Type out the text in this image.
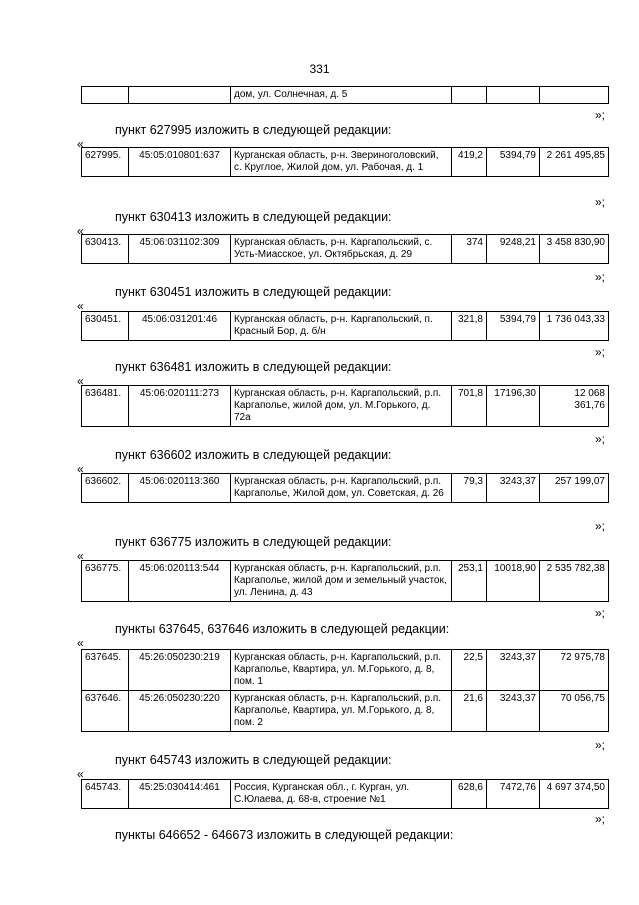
331
		дом, ул. Солнечная, д. 5			
»;
пункт 627995 изложить в следующей редакции:
«
627995.	45:05:010801:637	Курганская область, р-н. Звериноголовский, с. Круглое, Жилой дом, ул. Рабочая, д. 1	419,2	5394,79	2 261 495,85
»;
пункт 630413 изложить в следующей редакции:
«
630413.	45:06:031102:309	Курганская область, р-н. Каргапольский, с. Усть-Миасское, ул. Октябрьская, д. 29	374	9248,21	3 458 830,90
»;
пункт 630451 изложить в следующей редакции:
«
630451.	45:06:031201:46	Курганская область, р-н. Каргапольский, п. Красный Бор, д. б/н	321,8	5394,79	1 736 043,33
»;
пункт 636481 изложить в следующей редакции:
«
636481.	45:06:020111:273	Курганская область, р-н. Каргапольский, р.п. Каргаполье, жилой дом, ул. М.Горького, д. 72а	701,8	17196,30	12 068 361,76
»;
пункт 636602 изложить в следующей редакции:
«
636602.	45:06:020113:360	Курганская область, р-н. Каргапольский, р.п. Каргаполье, Жилой дом, ул. Советская, д. 26	79,3	3243,37	257 199,07
»;
пункт 636775 изложить в следующей редакции:
«
636775.	45:06:020113:544	Курганская область, р-н. Каргапольский, р.п. Каргаполье, жилой дом и земельный участок, ул. Ленина, д. 43	253,1	10018,90	2 535 782,38
»;
пункты 637645, 637646 изложить в следующей редакции:
«
637645.	45:26:050230:219	Курганская область, р-н. Каргапольский, р.п. Каргаполье, Квартира, ул. М.Горького, д. 8, пом. 1	22,5	3243,37	72 975,78
637646.	45:26:050230:220	Курганская область, р-н. Каргапольский, р.п. Каргаполье, Квартира, ул. М.Горького, д. 8, пом. 2	21,6	3243,37	70 056,75
»;
пункт 645743 изложить в следующей редакции:
«
645743.	45:25:030414:461	Россия, Курганская обл., г. Курган, ул. С.Юлаева, д. 68-в, строение №1	628,6	7472,76	4 697 374,50
»;
пункты 646652 - 646673 изложить в следующей редакции:
